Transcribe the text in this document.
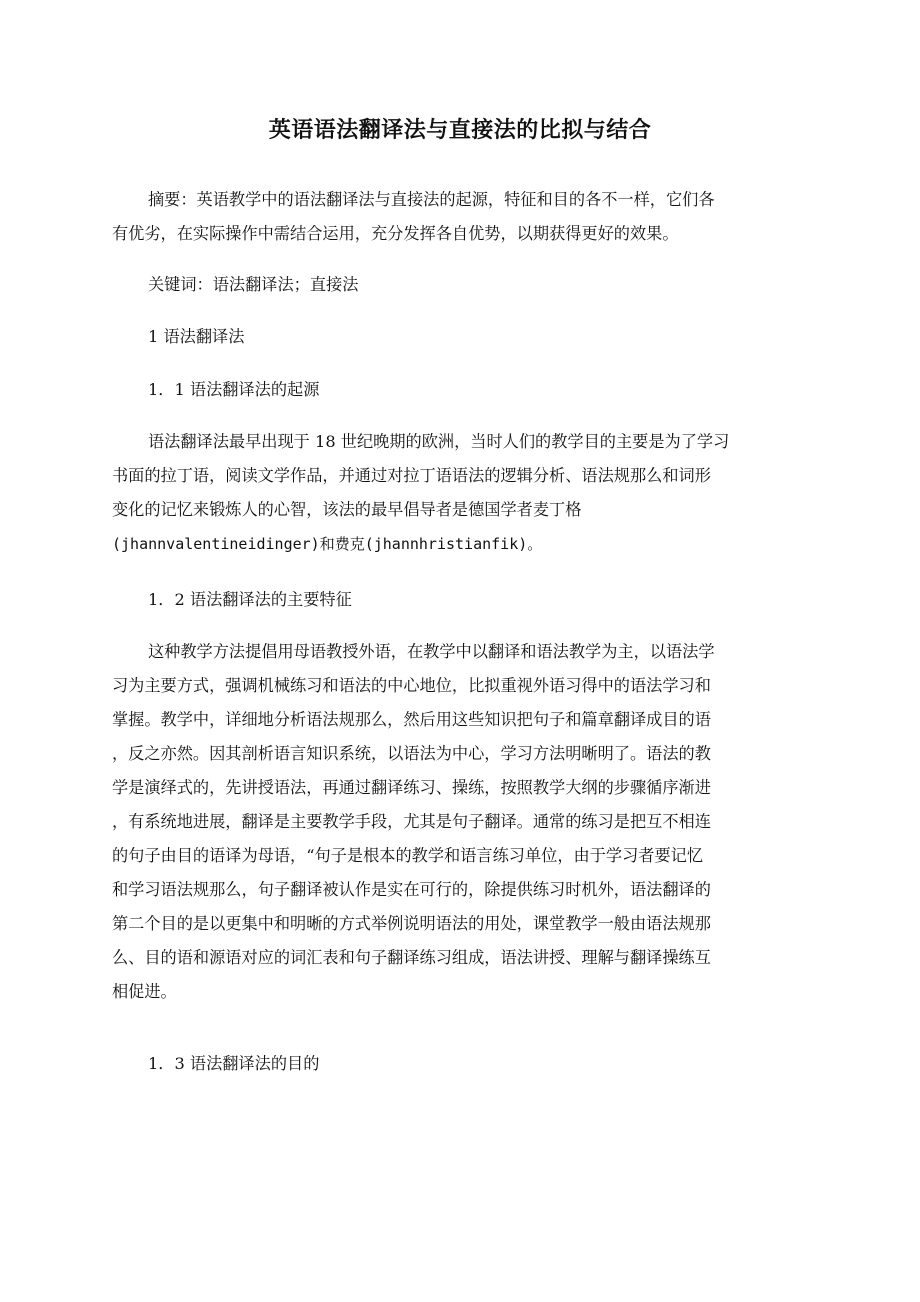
英语语法翻译法与直接法的比拟与结合
摘要：英语教学中的语法翻译法与直接法的起源，特征和目的各不一样，它们各
有优劣，在实际操作中需结合运用，充分发挥各自优势，以期获得更好的效果。
关键词：语法翻译法；直接法
1 语法翻译法
1．1 语法翻译法的起源
语法翻译法最早出现于 18 世纪晚期的欧洲，当时人们的教学目的主要是为了学习
书面的拉丁语，阅读文学作品，并通过对拉丁语语法的逻辑分析、语法规那么和词形
变化的记忆来锻炼人的心智，该法的最早倡导者是德国学者麦丁格
(jhannvalentineidinger)和费克(jhannhristianfik)。
1．2 语法翻译法的主要特征
这种教学方法提倡用母语教授外语，在教学中以翻译和语法教学为主，以语法学
习为主要方式，强调机械练习和语法的中心地位，比拟重视外语习得中的语法学习和
掌握。教学中，详细地分析语法规那么，然后用这些知识把句子和篇章翻译成目的语
，反之亦然。因其剖析语言知识系统，以语法为中心，学习方法明晰明了。语法的教
学是演绎式的，先讲授语法，再通过翻译练习、操练，按照教学大纲的步骤循序渐进
，有系统地进展，翻译是主要教学手段，尤其是句子翻译。通常的练习是把互不相连
的句子由目的语译为母语，“句子是根本的教学和语言练习单位，由于学习者要记忆
和学习语法规那么，句子翻译被认作是实在可行的，除提供练习时机外，语法翻译的
第二个目的是以更集中和明晰的方式举例说明语法的用处，课堂教学一般由语法规那
么、目的语和源语对应的词汇表和句子翻译练习组成，语法讲授、理解与翻译操练互
相促进。
1．3 语法翻译法的目的
